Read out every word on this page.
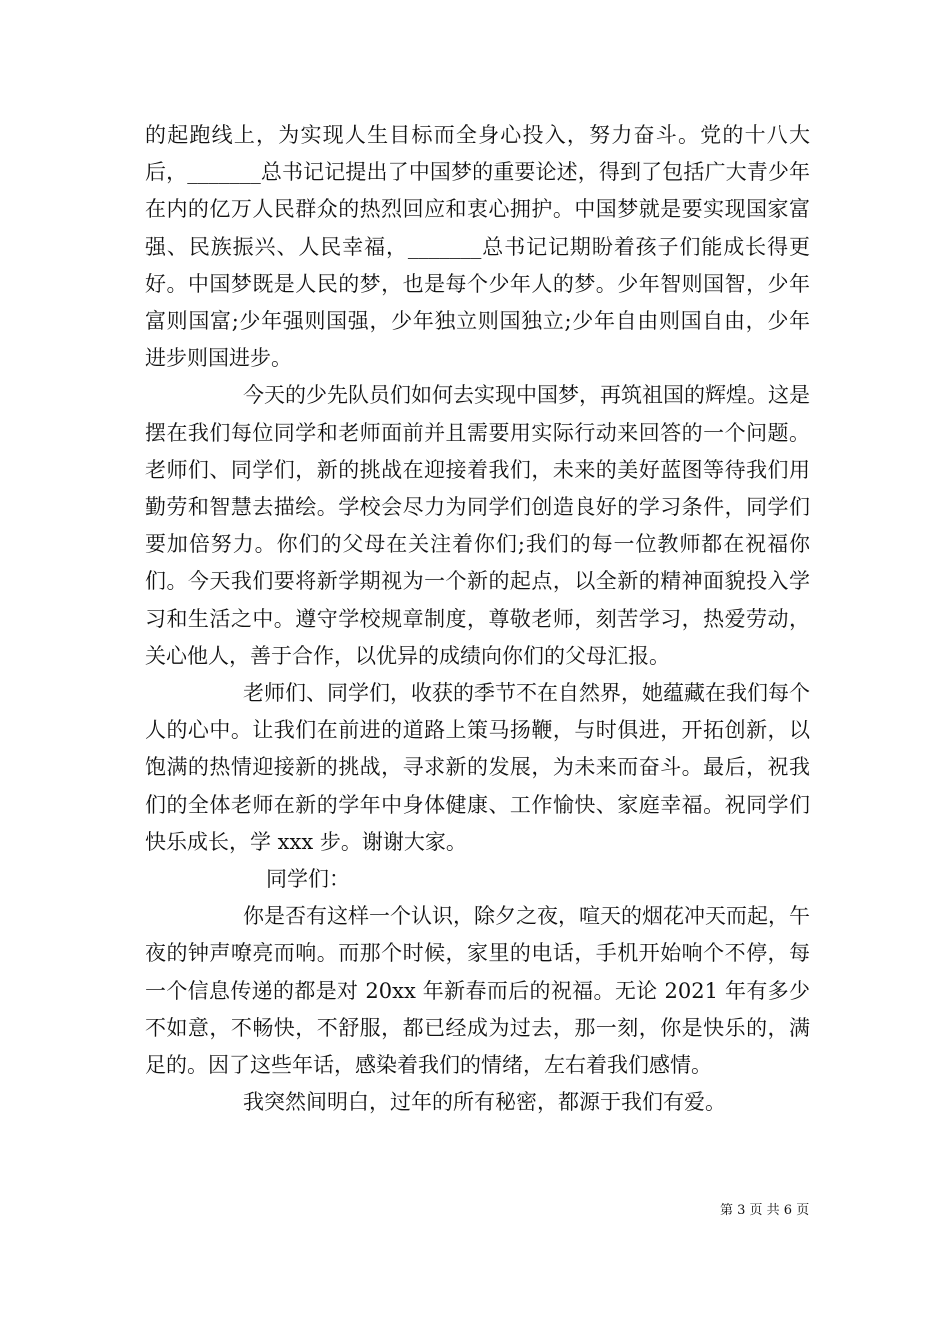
的起跑线上，为实现人生目标而全身心投入，努力奋斗。党的十八大后，_______总书记记提出了中国梦的重要论述，得到了包括广大青少年在内的亿万人民群众的热烈回应和衷心拥护。中国梦就是要实现国家富强、民族振兴、人民幸福，_______总书记记期盼着孩子们能成长得更好。中国梦既是人民的梦，也是每个少年人的梦。少年智则国智，少年富则国富;少年强则国强，少年独立则国独立;少年自由则国自由，少年进步则国进步。

今天的少先队员们如何去实现中国梦，再筑祖国的辉煌。这是摆在我们每位同学和老师面前并且需要用实际行动来回答的一个问题。老师们、同学们，新的挑战在迎接着我们，未来的美好蓝图等待我们用勤劳和智慧去描绘。学校会尽力为同学们创造良好的学习条件，同学们要加倍努力。你们的父母在关注着你们;我们的每一位教师都在祝福你们。今天我们要将新学期视为一个新的起点，以全新的精神面貌投入学习和生活之中。遵守学校规章制度，尊敬老师，刻苦学习，热爱劳动，关心他人，善于合作，以优异的成绩向你们的父母汇报。

老师们、同学们，收获的季节不在自然界，她蕴藏在我们每个人的心中。让我们在前进的道路上策马扬鞭，与时俱进，开拓创新，以饱满的热情迎接新的挑战，寻求新的发展，为未来而奋斗。最后，祝我们的全体老师在新的学年中身体健康、工作愉快、家庭幸福。祝同学们快乐成长，学 xxx 步。谢谢大家。

同学们：

你是否有这样一个认识，除夕之夜，喧天的烟花冲天而起，午夜的钟声嘹亮而响。而那个时候，家里的电话，手机开始响个不停，每一个信息传递的都是对 20xx 年新春而后的祝福。无论 2021 年有多少不如意，不畅快，不舒服，都已经成为过去，那一刻，你是快乐的，满足的。因了这些年话，感染着我们的情绪，左右着我们感情。

我突然间明白，过年的所有秘密，都源于我们有爱。

第 3 页 共 6 页
